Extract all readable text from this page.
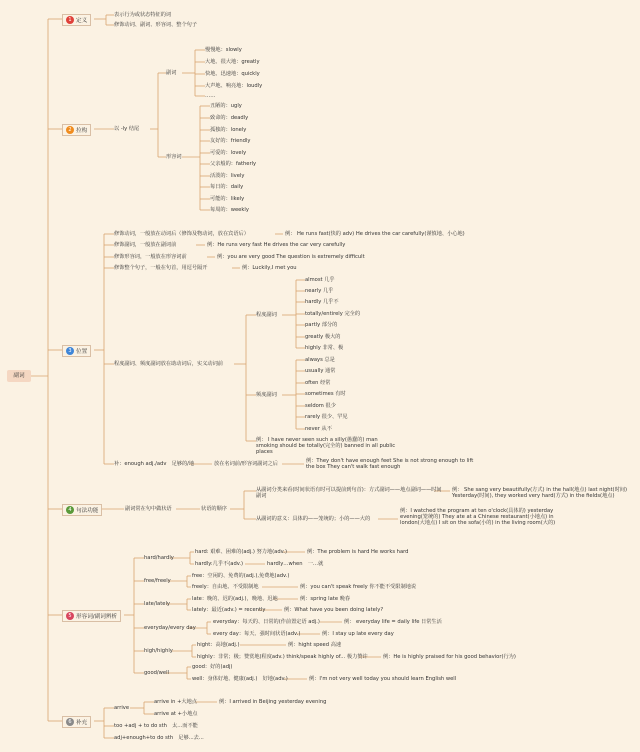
副词
1 定义
表示行为或状态特征的词
修饰动词、副词、形容词、整个句子
2 拉构	以 -ly 结尾
副词
慢慢地：slowly
大地、很大地：greatly
快地、迅速地：quickly
大声地、响亮地：loudly
……
形容词
丑陋的：ugly
致命的：deadly
孤独的：lonely
友好的：friendly
可爱的：lovely
父亲般的：fatherly
活泼的：lively
每日的：daily
可能的：likely
每周的：weekly
3 位置
修饰动词，一般放在动词后（修饰及物动词，放在宾语后）	例： He runs fast(快的 adv) He drives the car carefully(谨慎地、小心地)
修饰副词，一般放在副词前	例：He runs very fast He drives the car very carefully
修饰形容词，一般放在形容词前	例：you are very good The question is extremely difficult
修饰整个句子，一般在句首，用逗号隔开	例：Luckily,I met you
程度副词、频度副词放在助动词后，实义动词前
程度副词
almost 几乎
nearly 几乎
hardly 几乎不
totally/entirely 完全的
partly 部分的
greatly 极大的
highly 非常、极
频度副词
always 总是
usually 通常
often 经常
sometimes 有时
seldom 很少
rarely 很少、罕见
never 从不
例： I have never seen such a silly(愚蠢的) man smoking should be totally(完全的) banned in all public places
补：enough adj./adv　足够的/地	放在名词前/形容词副词之后	例：They don't have enough feet She is not strong enough to lift the box They can't walk fast enough
4 句法功能	副词常在句中做状语	状语的顺序
从副词分类来看(时间状语有时可以提前到句首)：方式副词——地点副词——时间副词
例： She sang very beautifully(方式) in the hall(地点) last night(时间) Yesterday(时间), they worked very hard(方式) in the fields(地点)
从副词的意义：具体的——笼统的；小的——大的
例：I watched the program at ten o'clock(具体的) yesterday evening(笼统的) They ate at a Chinese restaurant(小地点) in london(大地点) I sit on the sofa(小的) in the living room(大的)
5 形容词/副词辨析
hard/hardly
hard: 艰难、困难的(adj.) 努力地(adv.)	例：The problem is hard He works hard
hardly:几乎不(adv.)	hardly…when　一…就
free/freely
free：空闲的、免费的(adj.),免费地(adv.)
freely：自由地、不受限制地	例：you can't speak freely 你不能不受限制地说
late/lately
late：晚的、迟的(adj.)，晚地、迟地	例：spring late 晚春
lately：最近(adv.) = recently	例：What have you been doing lately?
everyday/every day
everyday：每天的、日常的(作前置定语 adj.)	例： everyday life = daily life 日常生活
every day：每天、强时间状语(adv.)	例：I stay up late every day
high/highly
hight：高地(adj.)	例：hight speed 高速
highly：非常；极；赞赏地(程度adv.) think/speak highly of... 极力赞许	例：He is highly praised for his good behavior(行为)
good/well
good：好的(adj)
well：身体好地、健康(adj.)　好地(adv.)	例：I'm not very well today you should learn English well
6 补充
arrive
arrive in +大地点
arrive at +小地点
例：I arrived in Beijing yesterday evening
too +adj + to do sth　太...而不能
adj+enough+to do sth　足够...去...
